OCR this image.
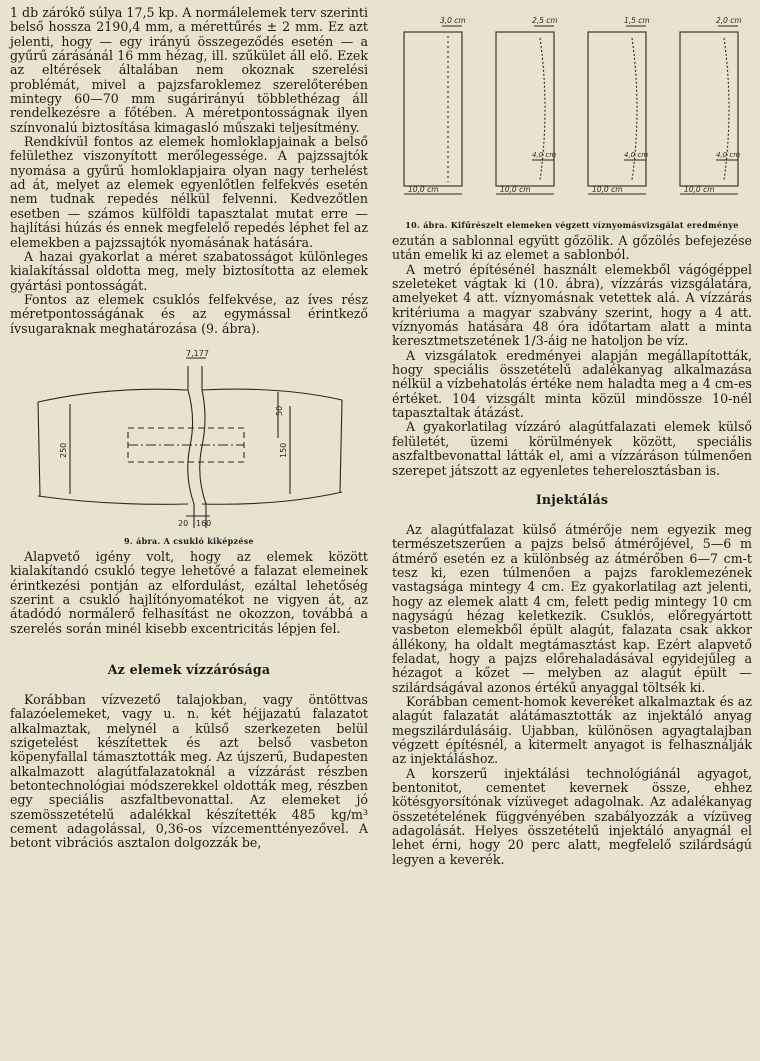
1 db zárókő súlya 17,5 kp. A normálelemek terv szerinti belső hossza 2190,4 mm, a mérettűrés ± 2 mm. Ez azt jelenti, hogy — egy irányú összegeződés esetén — a gyűrű zárásánál 16 mm hézag, ill. szűkület áll elő. Ezek az eltérések általában nem okoznak szerelési problémát, mivel a pajzsfaroklemez szerelőterében mintegy 60—70 mm sugárirányú többlethézag áll rendelkezésre a főtében. A méretpontosságnak ilyen színvonalú biztosítása kimagasló műszaki teljesítmény.

Rendkívül fontos az elemek homloklapjainak a belső felülethez viszonyított merőlegessége. A pajzssajtók nyomása a gyűrű homloklapjaira olyan nagy terhelést ad át, melyet az elemek egyenlőtlen felfekvés esetén nem tudnak repedés nélkül felvenni. Kedvezőtlen esetben — számos külföldi tapasztalat mutat erre — hajlítási húzás és ennek megfelelő repedés léphet fel az elemekben a pajzssajtók nyomásának hatására.

A hazai gyakorlat a méret szabatosságot különleges kialakítással oldotta meg, mely biztosította az elemek gyártási pontosságát.

Fontos az elemek csuklós felfekvése, az íves rész méretpontosságának és az egymással érintkező ívsugaraknak meghatározása (9. ábra).

7,177
50
250	150
20 160

9. ábra. A csukló kiképzése

Alapvető igény volt, hogy az elemek között kialakítandó csukló tegye lehetővé a falazat elemeinek érintkezési pontján az elfordulást, ezáltal lehetőség szerint a csukló hajlítónyomatékot ne vigyen át, az átadódó normálerő felhasítást ne okozzon, továbbá a szerelés során minél kisebb excentricitás lépjen fel.

Az elemek vízzárósága

Korábban vízvezető talajokban, vagy öntöttvas falazóelemeket, vagy u. n. két héjjazatú falazatot alkalmaztak, melynél a külső szerkezeten belül szigetelést készítettek és azt belső vasbeton köpenyfallal támasztották meg. Az újszerű, Budapesten alkalmazott alagútfalazatoknál a vízzárást részben betontechnológiai módszerekkel oldották meg, részben egy speciális aszfaltbevonattal. Az elemeket jó szemösszetételű adalékkal készítették 485 kg/m³ cement adagolással, 0,36-os vízcementtényezővel. A betont vibrációs asztalon dolgozzák be,

3,0 cm
10,0 cm
2,5 cm
10,0 cm
4,0 cm
1,5 cm
10,0 cm
4,0 cm
2,0 cm
10,0 cm
4,0 cm

10. ábra. Kifűrészelt elemeken végzett víznyomásvizsgálat eredménye

ezután a sablonnal együtt gőzölik. A gőzölés befejezése után emelik ki az elemet a sablonból.

A metró építésénél használt elemekből vágógéppel szeleteket vágtak ki (10. ábra), vízzárás vizsgálatára, amelyeket 4 att. víznyomásnak vetettek alá. A vízzárás kritériuma a magyar szabvány szerint, hogy a 4 att. víznyomás hatására 48 óra időtartam alatt a minta keresztmetszetének 1/3-áig ne hatoljon be víz.

A vizsgálatok eredményei alapján megállapították, hogy speciális összetételű adalékanyag alkalmazása nélkül a vízbehatolás értéke nem haladta meg a 4 cm-es értéket. 104 vizsgált minta közül mindössze 10-nél tapasztaltak átázást.

A gyakorlatilag vízzáró alagútfalazati elemek külső felületét, üzemi körülmények között, speciális aszfaltbevonattal látták el, ami a vízzáráson túlmenően szerepet játszott az egyenletes teherelosztásban is.

Injektálás

Az alagútfalazat külső átmérője nem egyezik meg természetszerűen a pajzs belső átmérőjével, 5—6 m átmérő esetén ez a különbség az átmérőben 6—7 cm-t tesz ki, ezen túlmenően a pajzs faroklemezének vastagsága mintegy 4 cm. Ez gyakorlatilag azt jelenti, hogy az elemek alatt 4 cm, felett pedig mintegy 10 cm nagyságú hézag keletkezik. Csuklós, előregyártott vasbeton elemekből épült alagút, falazata csak akkor állékony, ha oldalt megtámasztást kap. Ezért alapvető feladat, hogy a pajzs előrehaladásával egyidejűleg a hézagot a kőzet — melyben az alagút épült — szilárdságával azonos értékű anyaggal töltsék ki.

Korábban cement-homok keveréket alkalmaztak és az alagút falazatát alátámasztották az injektáló anyag megszilárdulásáig. Ujabban, különösen agyagtalajban végzett építésnél, a kitermelt anyagot is felhasználják az injektáláshoz.

A korszerű injektálási technológiánál agyagot, bentonitot, cementet kevernek össze, ehhez kötésgyorsítónak vízüveget adagolnak. Az adalékanyag összetételének függvényében szabályozzák a vízüveg adagolását. Helyes összetételű injektáló anyagnál el lehet érni, hogy 20 perc alatt, megfelelő szilárdságú legyen a keverék.
